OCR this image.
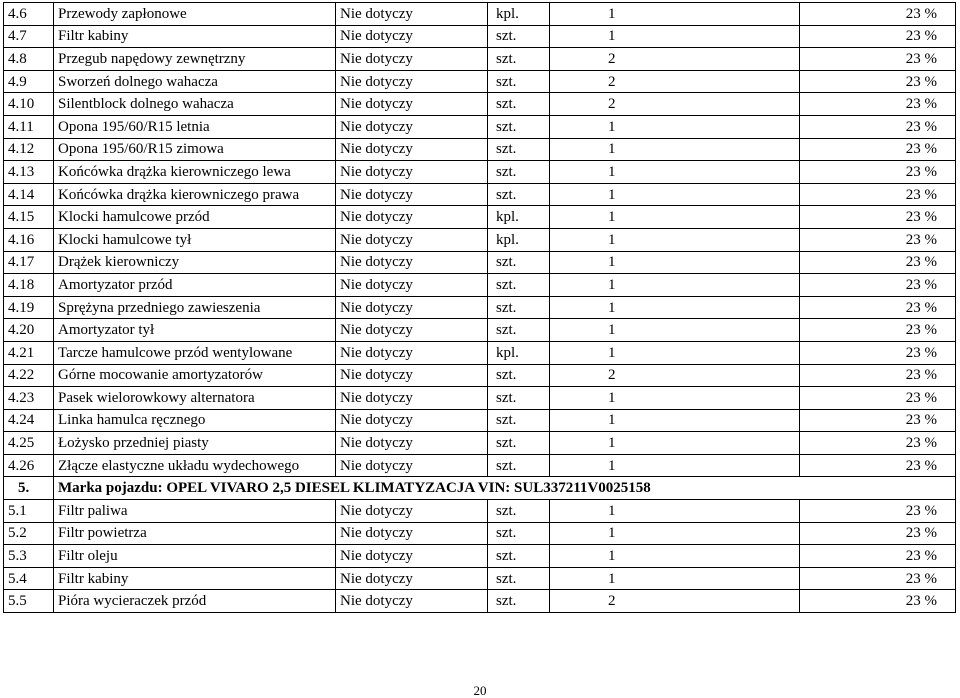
4.6	Przewody zapłonowe	Nie dotyczy	kpl.	1	23 %
4.7	Filtr kabiny	Nie dotyczy	szt.	1	23 %
4.8	Przegub napędowy zewnętrzny	Nie dotyczy	szt.	2	23 %
4.9	Sworzeń dolnego wahacza	Nie dotyczy	szt.	2	23 %
4.10	Silentblock dolnego wahacza	Nie dotyczy	szt.	2	23 %
4.11	Opona 195/60/R15 letnia	Nie dotyczy	szt.	1	23 %
4.12	Opona 195/60/R15 zimowa	Nie dotyczy	szt.	1	23 %
4.13	Końcówka drążka kierowniczego lewa	Nie dotyczy	szt.	1	23 %
4.14	Końcówka drążka kierowniczego prawa	Nie dotyczy	szt.	1	23 %
4.15	Klocki hamulcowe przód	Nie dotyczy	kpl.	1	23 %
4.16	Klocki hamulcowe tył	Nie dotyczy	kpl.	1	23 %
4.17	Drążek kierowniczy	Nie dotyczy	szt.	1	23 %
4.18	Amortyzator przód	Nie dotyczy	szt.	1	23 %
4.19	Sprężyna przedniego zawieszenia	Nie dotyczy	szt.	1	23 %
4.20	Amortyzator tył	Nie dotyczy	szt.	1	23 %
4.21	Tarcze hamulcowe przód wentylowane	Nie dotyczy	kpl.	1	23 %
4.22	Górne mocowanie amortyzatorów	Nie dotyczy	szt.	2	23 %
4.23	Pasek wielorowkowy alternatora	Nie dotyczy	szt.	1	23 %
4.24	Linka hamulca ręcznego	Nie dotyczy	szt.	1	23 %
4.25	Łożysko przedniej piasty	Nie dotyczy	szt.	1	23 %
4.26	Złącze elastyczne układu wydechowego	Nie dotyczy	szt.	1	23 %
5.	Marka pojazdu: OPEL VIVARO 2,5 DIESEL KLIMATYZACJA VIN: SUL337211V0025158				
5.1	Filtr paliwa	Nie dotyczy	szt.	1	23 %
5.2	Filtr powietrza	Nie dotyczy	szt.	1	23 %
5.3	Filtr oleju	Nie dotyczy	szt.	1	23 %
5.4	Filtr kabiny	Nie dotyczy	szt.	1	23 %
5.5	Pióra wycieraczek przód	Nie dotyczy	szt.	2	23 %
20
